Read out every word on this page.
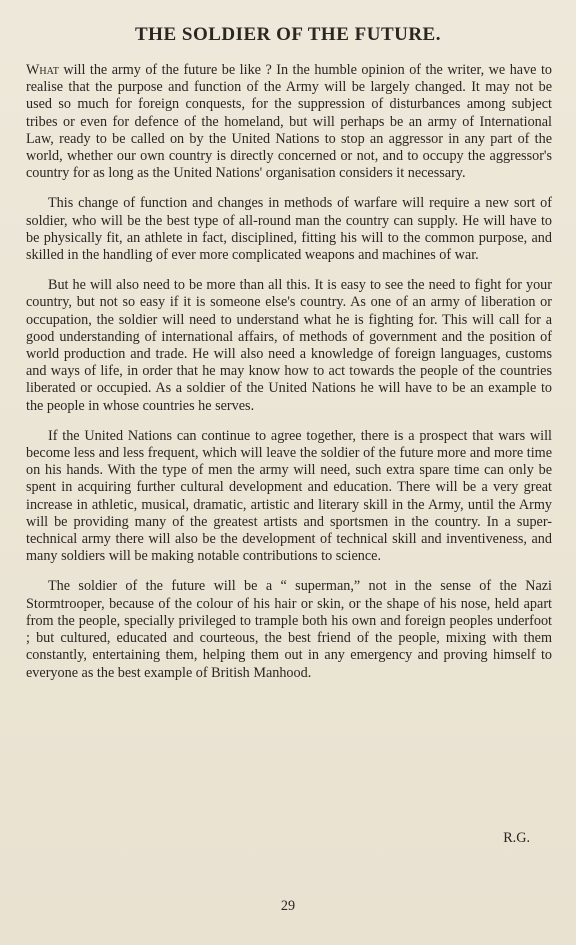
THE SOLDIER OF THE FUTURE.

What will the army of the future be like ? In the humble opinion of the writer, we have to realise that the purpose and function of the Army will be largely changed. It may not be used so much for foreign conquests, for the suppression of disturbances among subject tribes or even for defence of the homeland, but will perhaps be an army of International Law, ready to be called on by the United Nations to stop an aggressor in any part of the world, whether our own country is directly concerned or not, and to occupy the aggressor's country for as long as the United Nations' organisation considers it necessary.

This change of function and changes in methods of warfare will require a new sort of soldier, who will be the best type of all-round man the country can supply. He will have to be physically fit, an athlete in fact, disciplined, fitting his will to the common purpose, and skilled in the handling of ever more complicated weapons and machines of war.

But he will also need to be more than all this. It is easy to see the need to fight for your country, but not so easy if it is someone else's country. As one of an army of liberation or occupation, the soldier will need to understand what he is fighting for. This will call for a good understanding of international affairs, of methods of government and the position of world production and trade. He will also need a knowledge of foreign languages, customs and ways of life, in order that he may know how to act towards the people of the countries liberated or occupied. As a soldier of the United Nations he will have to be an example to the people in whose countries he serves.

If the United Nations can continue to agree together, there is a prospect that wars will become less and less frequent, which will leave the soldier of the future more and more time on his hands. With the type of men the army will need, such extra spare time can only be spent in acquiring further cultural development and education. There will be a very great increase in athletic, musical, dramatic, artistic and literary skill in the Army, until the Army will be providing many of the greatest artists and sportsmen in the country. In a super-technical army there will also be the development of technical skill and inventiveness, and many soldiers will be making notable contributions to science.

The soldier of the future will be a “ superman,” not in the sense of the Nazi Stormtrooper, because of the colour of his hair or skin, or the shape of his nose, held apart from the people, specially privileged to trample both his own and foreign peoples underfoot ; but cultured, educated and courteous, the best friend of the people, mixing with them constantly, entertaining them, helping them out in any emergency and proving himself to everyone as the best example of British Manhood.

R.G.

29
